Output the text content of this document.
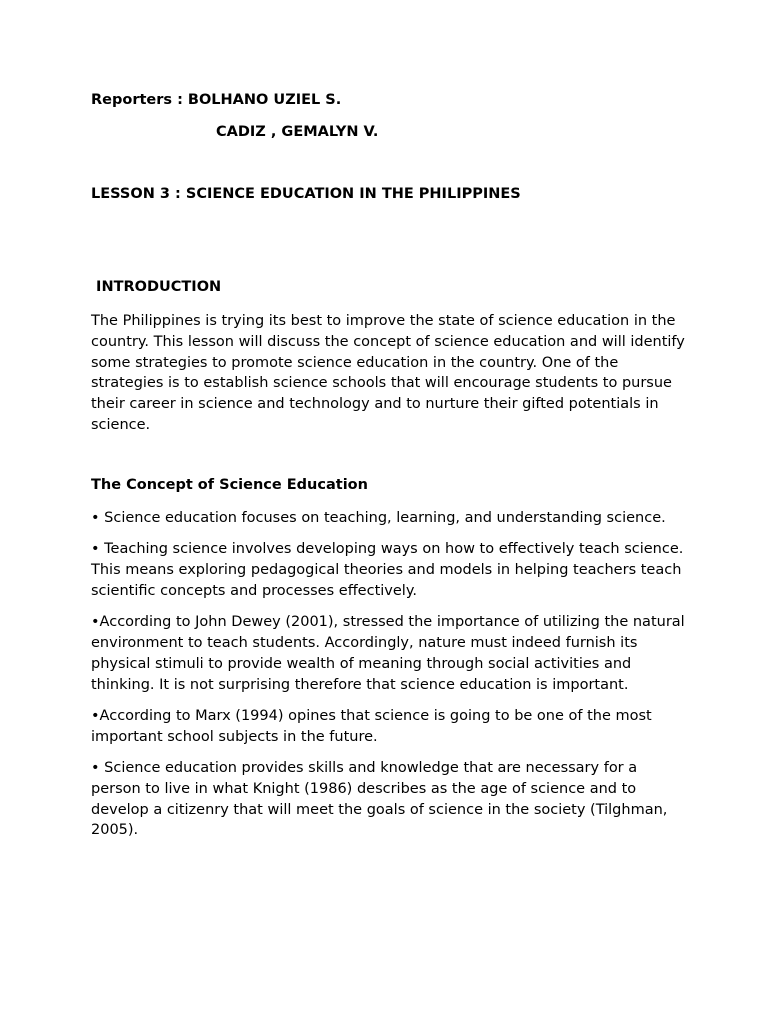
Reporters : BOLHANO UZIEL S.

CADIZ , GEMALYN V.

LESSON 3 : SCIENCE EDUCATION IN THE PHILIPPINES

INTRODUCTION

The Philippines is trying its best to improve the state of science education in the country. This lesson will discuss the concept of science education and will identify some strategies to promote science education in the country. One of the strategies is to establish science schools that will encourage students to pursue their career in science and technology and to nurture their gifted potentials in science.

The Concept of Science Education

• Science education focuses on teaching, learning, and understanding science.
• Teaching science involves developing ways on how to effectively teach science. This means exploring pedagogical theories and models in helping teachers teach scientific concepts and processes effectively.
•According to John Dewey (2001), stressed the importance of utilizing the natural environment to teach students. Accordingly, nature must indeed furnish its physical stimuli to provide wealth of meaning through social activities and thinking. It is not surprising therefore that science education is important.
•According to Marx (1994) opines that science is going to be one of the most important school subjects in the future.
• Science education provides skills and knowledge that are necessary for a person to live in what Knight (1986) describes as the age of science and to develop a citizenry that will meet the goals of science in the society (Tilghman, 2005).
